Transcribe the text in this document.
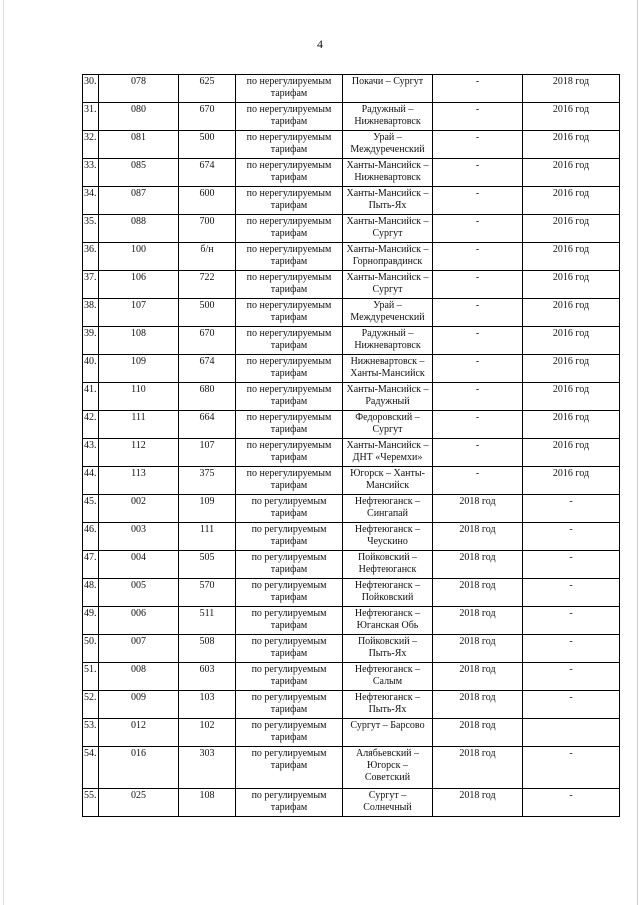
4
30.	078	625	по нерегулируемым тарифам	Покачи – Сургут	-	2018 год
31.	080	670	по нерегулируемым тарифам	Радужный – Нижневартовск	-	2016 год
32.	081	500	по нерегулируемым тарифам	Урай – Междуреченский	-	2016 год
33.	085	674	по нерегулируемым тарифам	Ханты-Мансийск – Нижневартовск	-	2016 год
34.	087	600	по нерегулируемым тарифам	Ханты-Мансийск – Пыть-Ях	-	2016 год
35.	088	700	по нерегулируемым тарифам	Ханты-Мансийск – Сургут	-	2016 год
36.	100	б/н	по нерегулируемым тарифам	Ханты-Мансийск – Горноправдинск	-	2016 год
37.	106	722	по нерегулируемым тарифам	Ханты-Мансийск – Сургут	-	2016 год
38.	107	500	по нерегулируемым тарифам	Урай – Междуреченский	-	2016 год
39.	108	670	по нерегулируемым тарифам	Радужный – Нижневартовск	-	2016 год
40.	109	674	по нерегулируемым тарифам	Нижневартовск – Ханты-Мансийск	-	2016 год
41.	110	680	по нерегулируемым тарифам	Ханты-Мансийск – Радужный	-	2016 год
42.	111	664	по нерегулируемым тарифам	Федоровский – Сургут	-	2016 год
43.	112	107	по нерегулируемым тарифам	Ханты-Мансийск – ДНТ «Черемхи»	-	2016 год
44.	113	375	по нерегулируемым тарифам	Югорск – Ханты-Мансийск	-	2016 год
45.	002	109	по регулируемым тарифам	Нефтеюганск – Сингапай	2018 год	-
46.	003	111	по регулируемым тарифам	Нефтеюганск – Чеускино	2018 год	-
47.	004	505	по регулируемым тарифам	Пойковский – Нефтеюганск	2018 год	-
48.	005	570	по регулируемым тарифам	Нефтеюганск – Пойковский	2018 год	-
49.	006	511	по регулируемым тарифам	Нефтеюганск – Юганская Обь	2018 год	-
50.	007	508	по регулируемым тарифам	Пойковский – Пыть-Ях	2018 год	-
51.	008	603	по регулируемым тарифам	Нефтеюганск – Салым	2018 год	-
52.	009	103	по регулируемым тарифам	Нефтеюганск – Пыть-Ях	2018 год	-
53.	012	102	по регулируемым тарифам	Сургут – Барсово	2018 год	
54.	016	303	по регулируемым тарифам	Алябьевский – Югорск – Советский	2018 год	-
55.	025	108	по регулируемым тарифам	Сургут – Солнечный	2018 год	-
